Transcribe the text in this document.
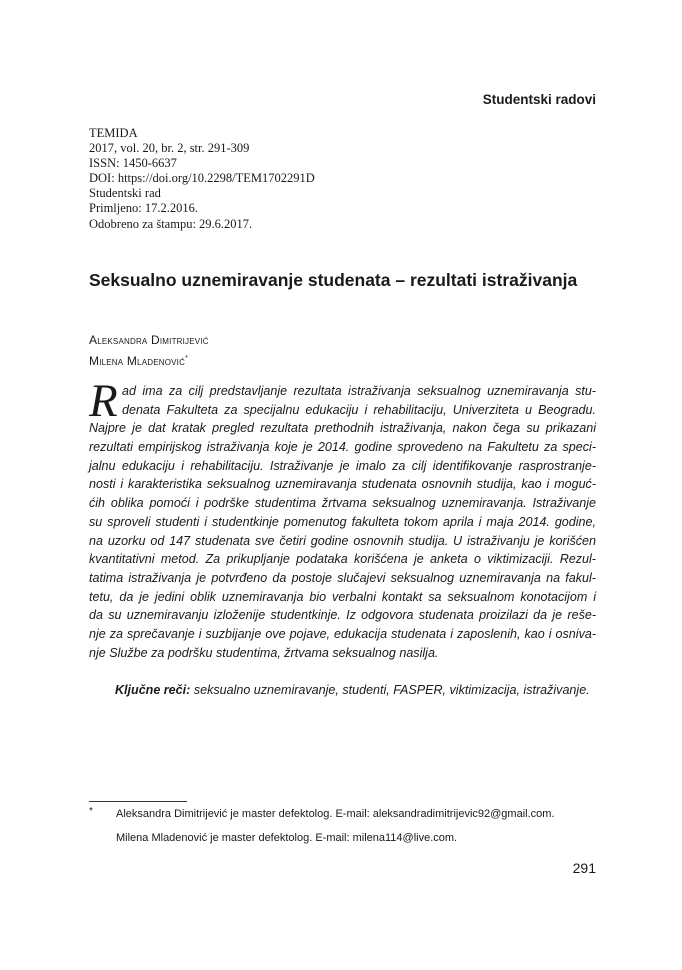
Studentski radovi
TEMIDA
2017, vol. 20, br. 2, str. 291-309
ISSN: 1450-6637
DOI: https://doi.org/10.2298/TEM1702291D
Studentski rad
Primljeno: 17.2.2016.
Odobreno za štampu: 29.6.2017.
Seksualno uznemiravanje studenata – rezultati istraživanja
Aleksandra Dimitrijević
Milena Mladenović*
R ad ima za cilj predstavljanje rezultata istraživanja seksualnog uznemiravanja stu-
denata Fakulteta za specijalnu edukaciju i rehabilitaciju, Univerziteta u Beogradu.
Najpre je dat kratak pregled rezultata prethodnih istraživanja, nakon čega su prikazani
rezultati empirijskog istraživanja koje je 2014. godine sprovedeno na Fakultetu za speci-
jalnu edukaciju i rehabilitaciju. Istraživanje je imalo za cilj identifikovanje rasprostranje-
nosti i karakteristika seksualnog uznemiravanja studenata osnovnih studija, kao i moguć-
ćih oblika pomoći i podrške studentima žrtvama seksualnog uznemiravanja. Istraživanje
su sproveli studenti i studentkinje pomenutog fakulteta tokom aprila i maja 2014. godine,
na uzorku od 147 studenata sve četiri godine osnovnih studija. U istraživanju je korišćen
kvantitativni metod. Za prikupljanje podataka korišćena je anketa o viktimizaciji. Rezul-
tatima istraživanja je potvrđeno da postoje slučajevi seksualnog uznemiravanja na fakul-
tetu, da je jedini oblik uznemiravanja bio verbalni kontakt sa seksualnom konotacijom i
da su uznemiravanju izloženije studentkinje. Iz odgovora studenata proizilazi da je reše-
nje za sprečavanje i suzbijanje ove pojave, edukacija studenata i zaposlenih, kao i osniva-
nje Službe za podršku studentima, žrtvama seksualnog nasilja.
Ključne reči: seksualno uznemiravanje, studenti, FASPER, viktimizacija, istraživanje.
* Aleksandra Dimitrijević je master defektolog. E-mail: aleksandradimitrijevic92@gmail.com.
Milena Mladenović je master defektolog. E-mail: milena114@live.com.
291
